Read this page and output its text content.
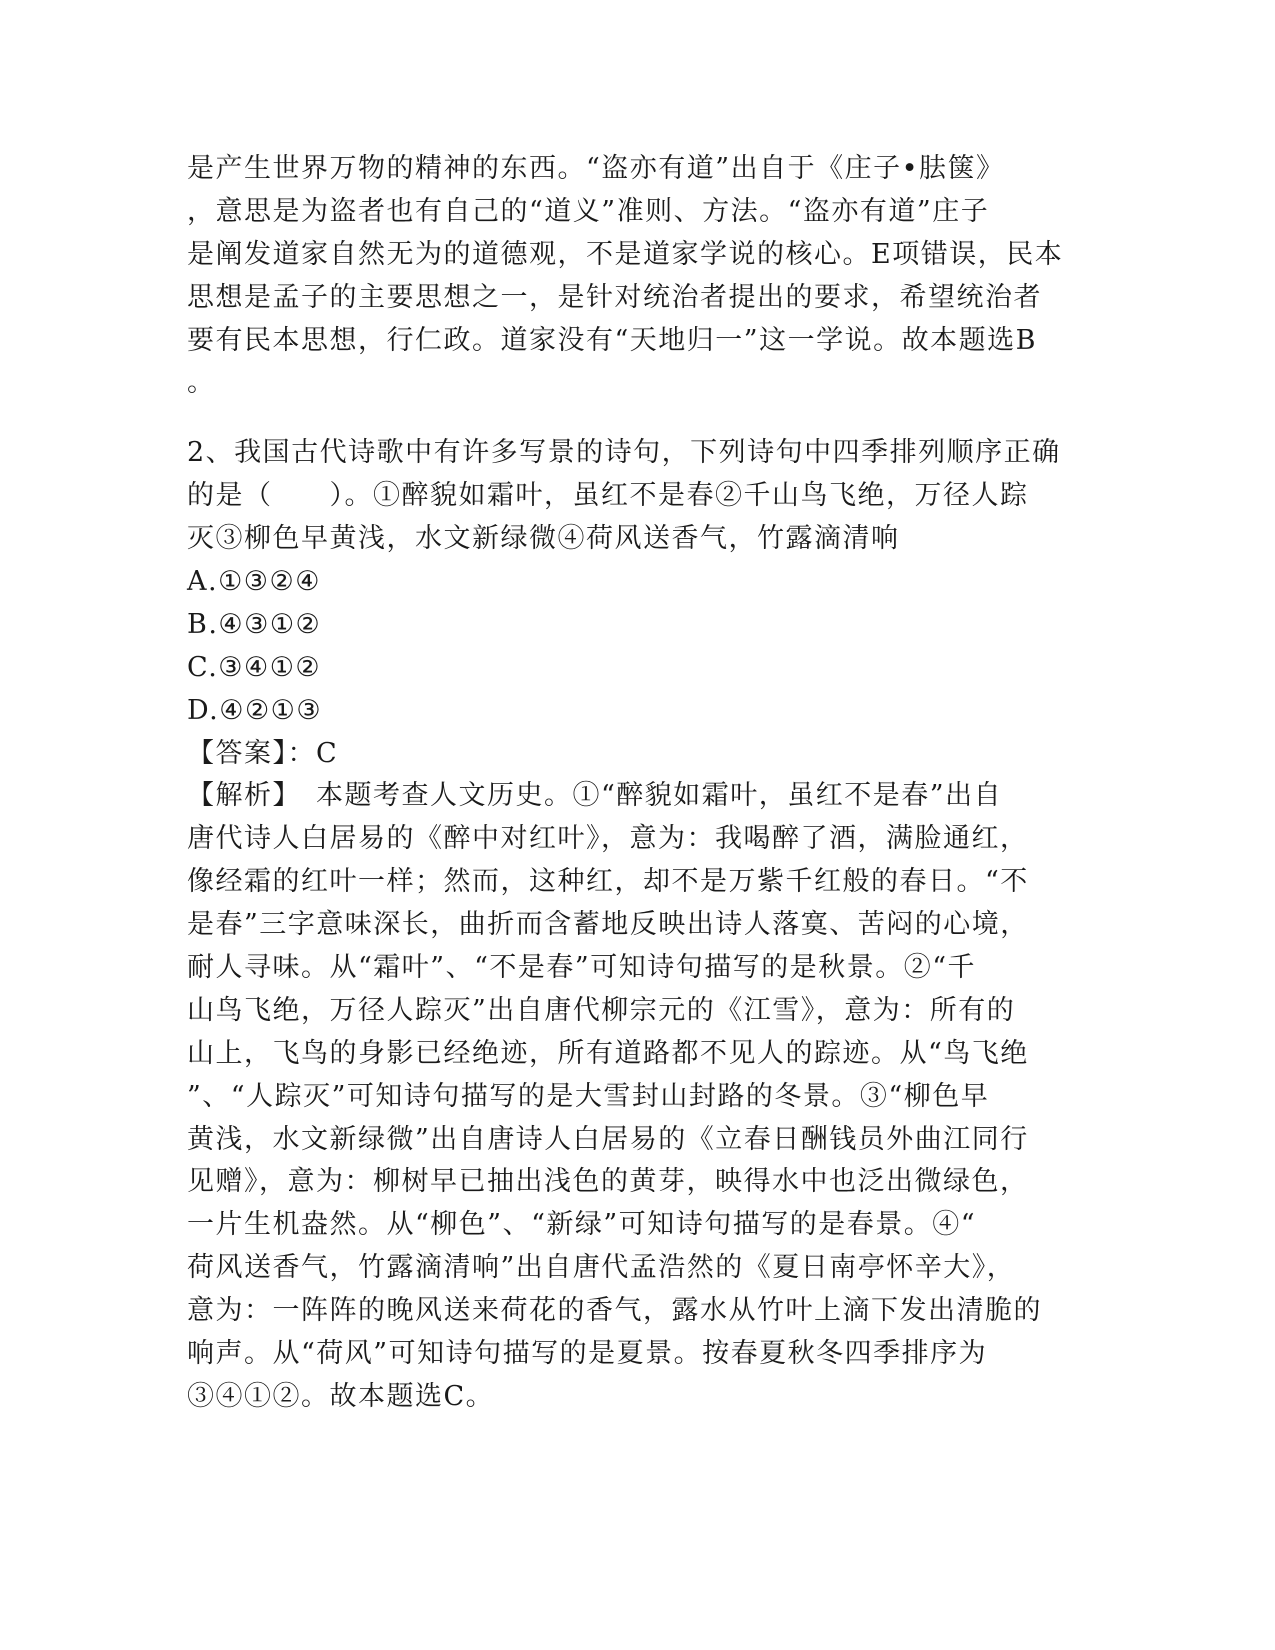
是产生世界万物的精神的东西。“盗亦有道”出自于《庄子•胠箧》
，意思是为盗者也有自己的“道义”准则、方法。“盗亦有道”庄子
是阐发道家自然无为的道德观，不是道家学说的核心。E项错误，民本
思想是孟子的主要思想之一，是针对统治者提出的要求，希望统治者
要有民本思想，行仁政。道家没有“天地归一”这一学说。故本题选B
。
2、我国古代诗歌中有许多写景的诗句，下列诗句中四季排列顺序正确
的是（　　）。①醉貌如霜叶，虽红不是春②千山鸟飞绝，万径人踪
灭③柳色早黄浅，水文新绿微④荷风送香气，竹露滴清响
A.①③②④
B.④③①②
C.③④①②
D.④②①③
【答案】：C
【解析】　本题考查人文历史。①“醉貌如霜叶，虽红不是春”出自
唐代诗人白居易的《醉中对红叶》，意为：我喝醉了酒，满脸通红，
像经霜的红叶一样；然而，这种红，却不是万紫千红般的春日。“不
是春”三字意味深长，曲折而含蓄地反映出诗人落寞、苦闷的心境，
耐人寻味。从“霜叶”、“不是春”可知诗句描写的是秋景。②“千
山鸟飞绝，万径人踪灭”出自唐代柳宗元的《江雪》，意为：所有的
山上，飞鸟的身影已经绝迹，所有道路都不见人的踪迹。从“鸟飞绝
”、“人踪灭”可知诗句描写的是大雪封山封路的冬景。③“柳色早
黄浅，水文新绿微”出自唐诗人白居易的《立春日酬钱员外曲江同行
见赠》，意为：柳树早已抽出浅色的黄芽，映得水中也泛出微绿色，
一片生机盎然。从“柳色”、“新绿”可知诗句描写的是春景。④“
荷风送香气，竹露滴清响”出自唐代孟浩然的《夏日南亭怀辛大》，
意为：一阵阵的晚风送来荷花的香气，露水从竹叶上滴下发出清脆的
响声。从“荷风”可知诗句描写的是夏景。按春夏秋冬四季排序为
③④①②。故本题选C。
